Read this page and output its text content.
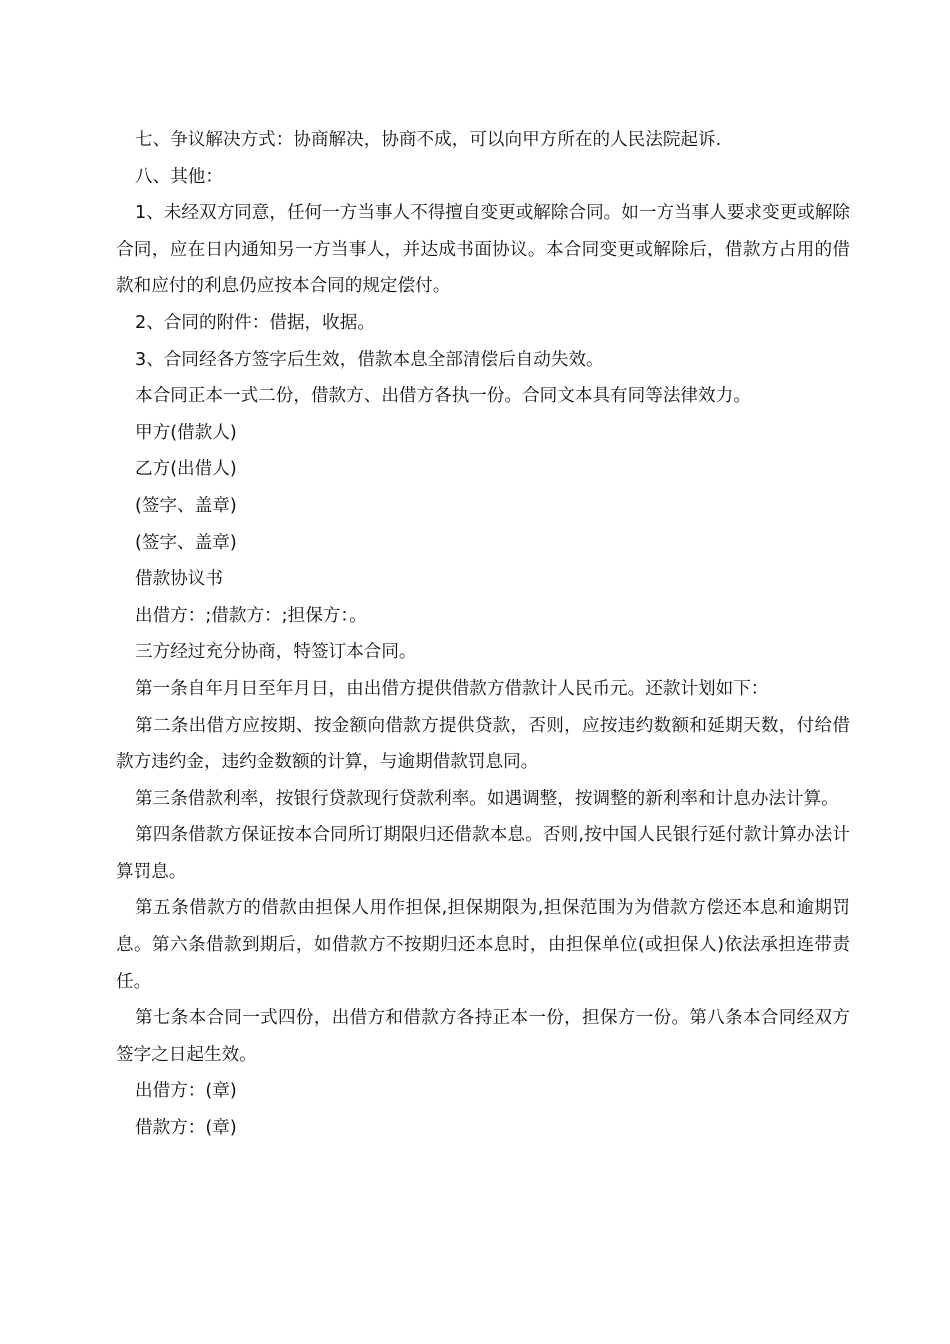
七、争议解决方式：协商解决，协商不成，可以向甲方所在的人民法院起诉.

八、其他：

1、未经双方同意，任何一方当事人不得擅自变更或解除合同。如一方当事人要求变更或解除合同，应在日内通知另一方当事人，并达成书面协议。本合同变更或解除后，借款方占用的借款和应付的利息仍应按本合同的规定偿付。

2、合同的附件：借据，收据。

3、合同经各方签字后生效，借款本息全部清偿后自动失效。

本合同正本一式二份，借款方、出借方各执一份。合同文本具有同等法律效力。

甲方(借款人)

乙方(出借人)

(签字、盖章)

(签字、盖章)

借款协议书

出借方：;借款方：;担保方：。

三方经过充分协商，特签订本合同。

第一条自年月日至年月日，由出借方提供借款方借款计人民币元。还款计划如下：

第二条出借方应按期、按金额向借款方提供贷款，否则，应按违约数额和延期天数，付给借款方违约金，违约金数额的计算，与逾期借款罚息同。

第三条借款利率，按银行贷款现行贷款利率。如遇调整，按调整的新利率和计息办法计算。

第四条借款方保证按本合同所订期限归还借款本息。否则,按中国人民银行延付款计算办法计算罚息。

第五条借款方的借款由担保人用作担保,担保期限为,担保范围为为借款方偿还本息和逾期罚息。第六条借款到期后，如借款方不按期归还本息时，由担保单位(或担保人)依法承担连带责任。

第七条本合同一式四份，出借方和借款方各持正本一份，担保方一份。第八条本合同经双方签字之日起生效。

出借方：(章)

借款方：(章)
